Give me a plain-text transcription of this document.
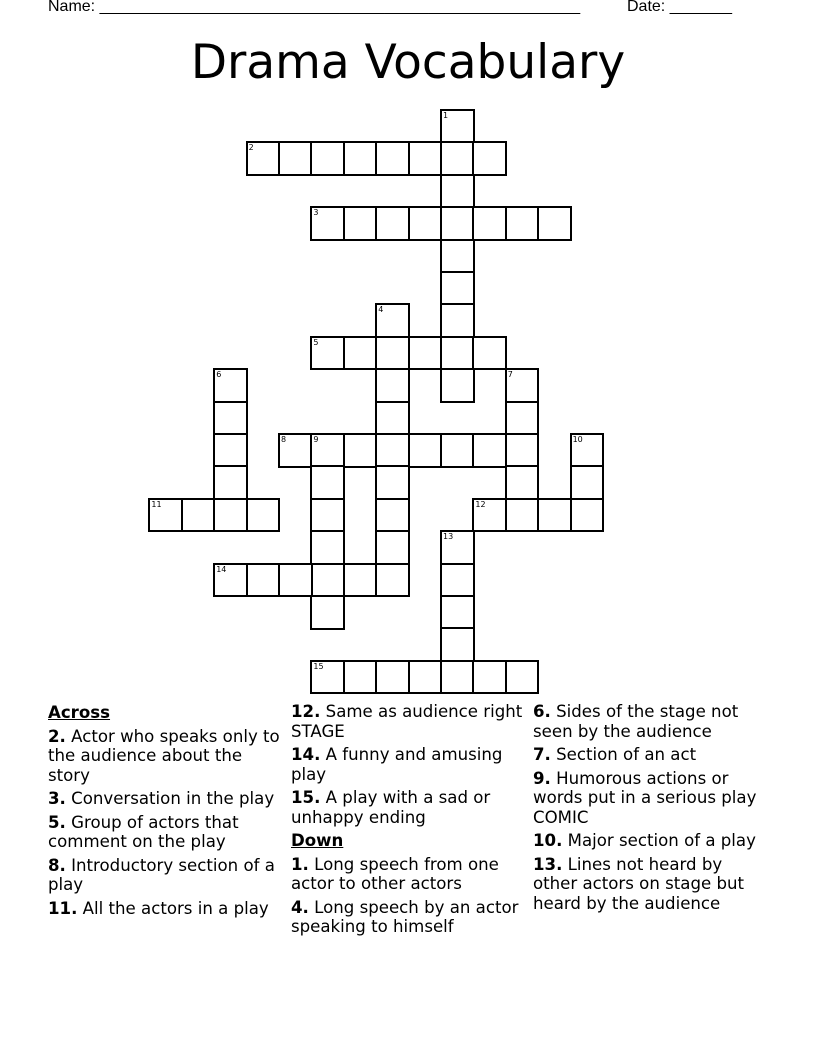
Name: ______________________________________________________	Date: _______
Drama Vocabulary
1
2
3
4
5
6	7
8	9	10
11	12
13
14
15
Across
2. Actor who speaks only to the audience about the story
3. Conversation in the play
5. Group of actors that comment on the play
8. Introductory section of a play
11. All the actors in a play
12. Same as audience right STAGE
14. A funny and amusing play
15. A play with a sad or unhappy ending
Down
1. Long speech from one actor to other actors
4. Long speech by an actor speaking to himself
6. Sides of the stage not seen by the audience
7. Section of an act
9. Humorous actions or words put in a serious play COMIC
10. Major section of a play
13. Lines not heard by other actors on stage but heard by the audience
